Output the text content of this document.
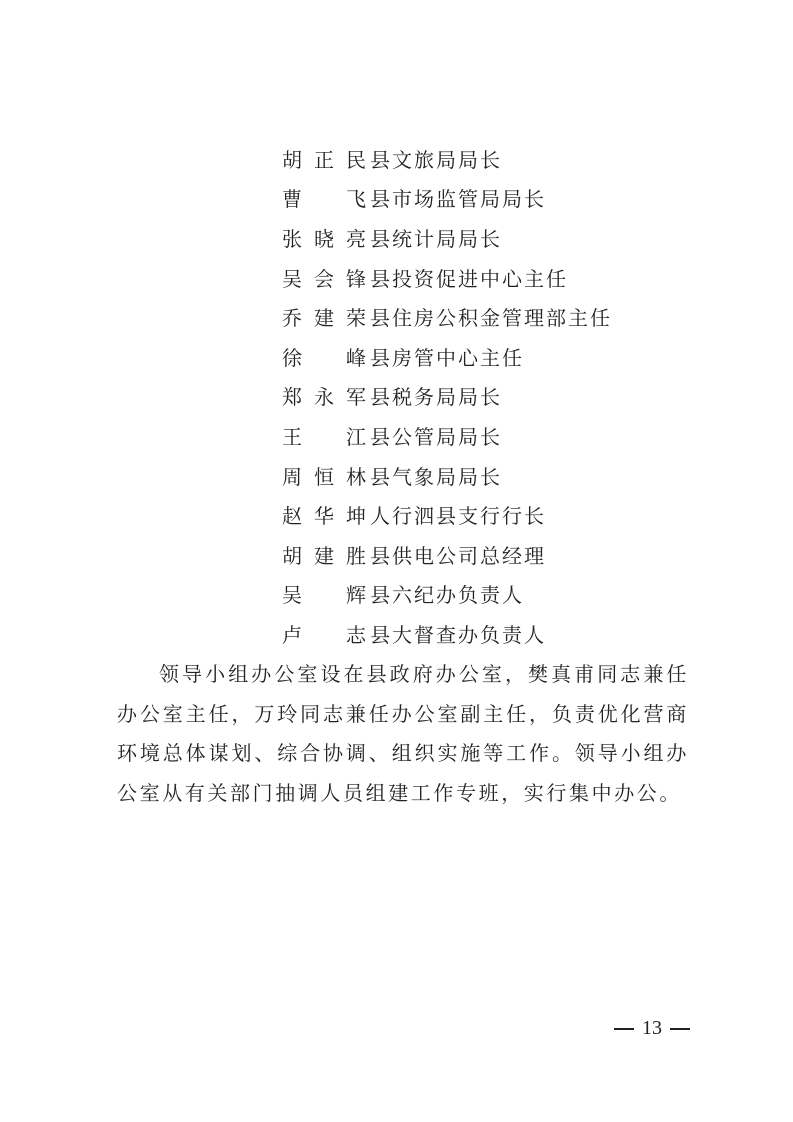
胡正民 县文旅局局长
曹飞 县市场监管局局长
张晓亮 县统计局局长
吴会锋 县投资促进中心主任
乔建荣 县住房公积金管理部主任
徐峰 县房管中心主任
郑永军 县税务局局长
王江 县公管局局长
周恒林 县气象局局长
赵华坤 人行泗县支行行长
胡建胜 县供电公司总经理
吴辉 县六纪办负责人
卢志 县大督查办负责人

领导小组办公室设在县政府办公室，樊真甫同志兼任办公室主任，万玲同志兼任办公室副主任，负责优化营商环境总体谋划、综合协调、组织实施等工作。领导小组办公室从有关部门抽调人员组建工作专班，实行集中办公。

13
